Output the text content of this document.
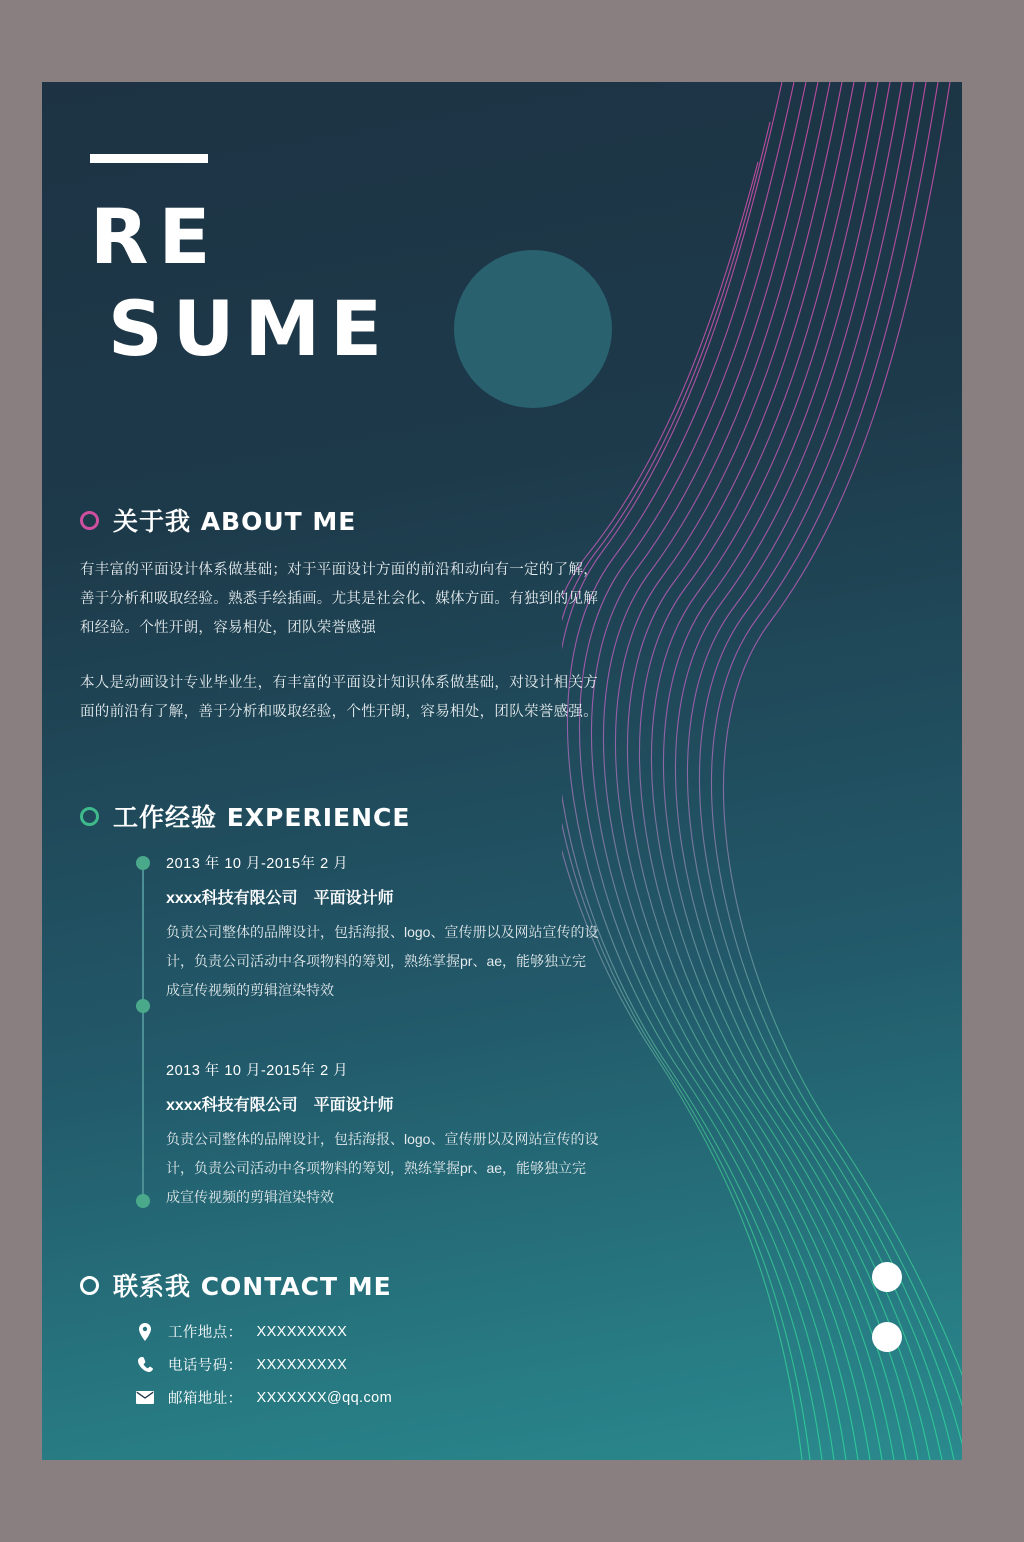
RE
SUME
关于我 ABOUT ME
有丰富的平面设计体系做基础；对于平面设计方面的前沿和动向有一定的了解，善于分析和吸取经验。熟悉手绘插画。尤其是社会化、媒体方面。有独到的见解和经验。个性开朗，容易相处，团队荣誉感强
本人是动画设计专业毕业生，有丰富的平面设计知识体系做基础，对设计相关方面的前沿有了解，善于分析和吸取经验，个性开朗，容易相处，团队荣誉感强。
工作经验 EXPERIENCE
2013 年 10 月-2015年 2 月
xxxx科技有限公司　平面设计师
负责公司整体的品牌设计，包括海报、logo、宣传册以及网站宣传的设计，负责公司活动中各项物料的筹划，熟练掌握pr、ae，能够独立完成宣传视频的剪辑渲染特效
2013 年 10 月-2015年 2 月
xxxx科技有限公司　平面设计师
负责公司整体的品牌设计，包括海报、logo、宣传册以及网站宣传的设计，负责公司活动中各项物料的筹划，熟练掌握pr、ae，能够独立完成宣传视频的剪辑渲染特效
联系我 CONTACT ME
工作地点： XXXXXXXXX
电话号码： XXXXXXXXX
邮箱地址： XXXXXXX@qq.com
